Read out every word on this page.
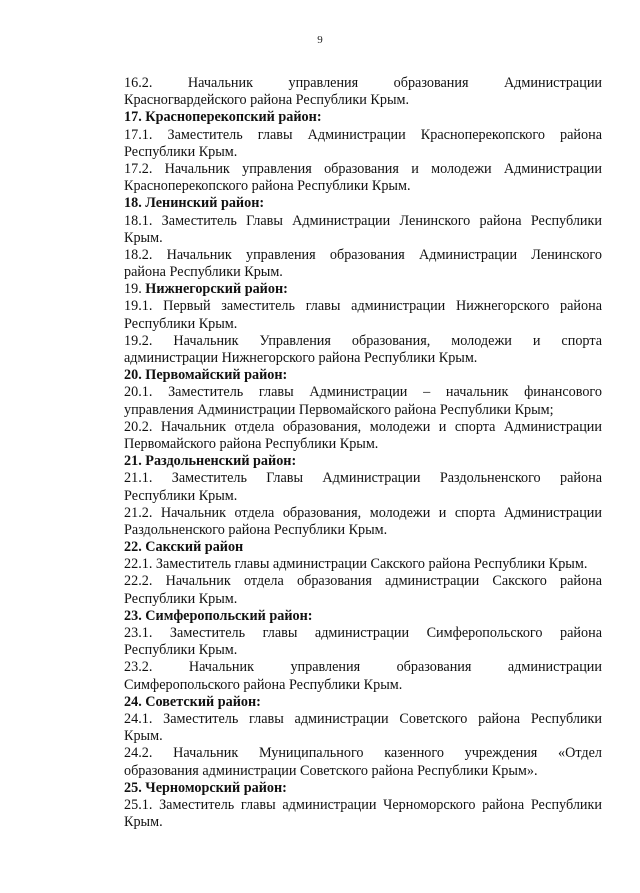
9
16.2. Начальник управления образования Администрации
Красногвардейского района Республики Крым.
17. Красноперекопский район:
17.1. Заместитель главы Администрации Красноперекопского района
Республики Крым.
17.2. Начальник управления образования и молодежи Администрации
Красноперекопского района Республики Крым.
18. Ленинский район:
18.1. Заместитель Главы Администрации Ленинского района Республики
Крым.
18.2. Начальник управления образования Администрации Ленинского
района Республики Крым.
19. Нижнегорский район:
19.1. Первый заместитель главы администрации Нижнегорского района
Республики Крым.
19.2. Начальник Управления образования, молодежи и спорта
администрации Нижнегорского района Республики Крым.
20. Первомайский район:
20.1. Заместитель главы Администрации – начальник финансового
управления Администрации Первомайского района Республики Крым;
20.2. Начальник отдела образования, молодежи и спорта Администрации
Первомайского района Республики Крым.
21. Раздольненский район:
21.1. Заместитель Главы Администрации Раздольненского района
Республики Крым.
21.2. Начальник отдела образования, молодежи и спорта Администрации
Раздольненского района Республики Крым.
22. Сакский район
22.1. Заместитель главы администрации Сакского района Республики Крым.
22.2. Начальник отдела образования администрации Сакского района
Республики Крым.
23. Симферопольский район:
23.1. Заместитель главы администрации Симферопольского района
Республики Крым.
23.2. Начальник управления образования администрации
Симферопольского района Республики Крым.
24. Советский район:
24.1. Заместитель главы администрации Советского района Республики
Крым.
24.2. Начальник Муниципального казенного учреждения «Отдел
образования администрации Советского района Республики Крым».
25. Черноморский район:
25.1. Заместитель главы администрации Черноморского района Республики
Крым.
